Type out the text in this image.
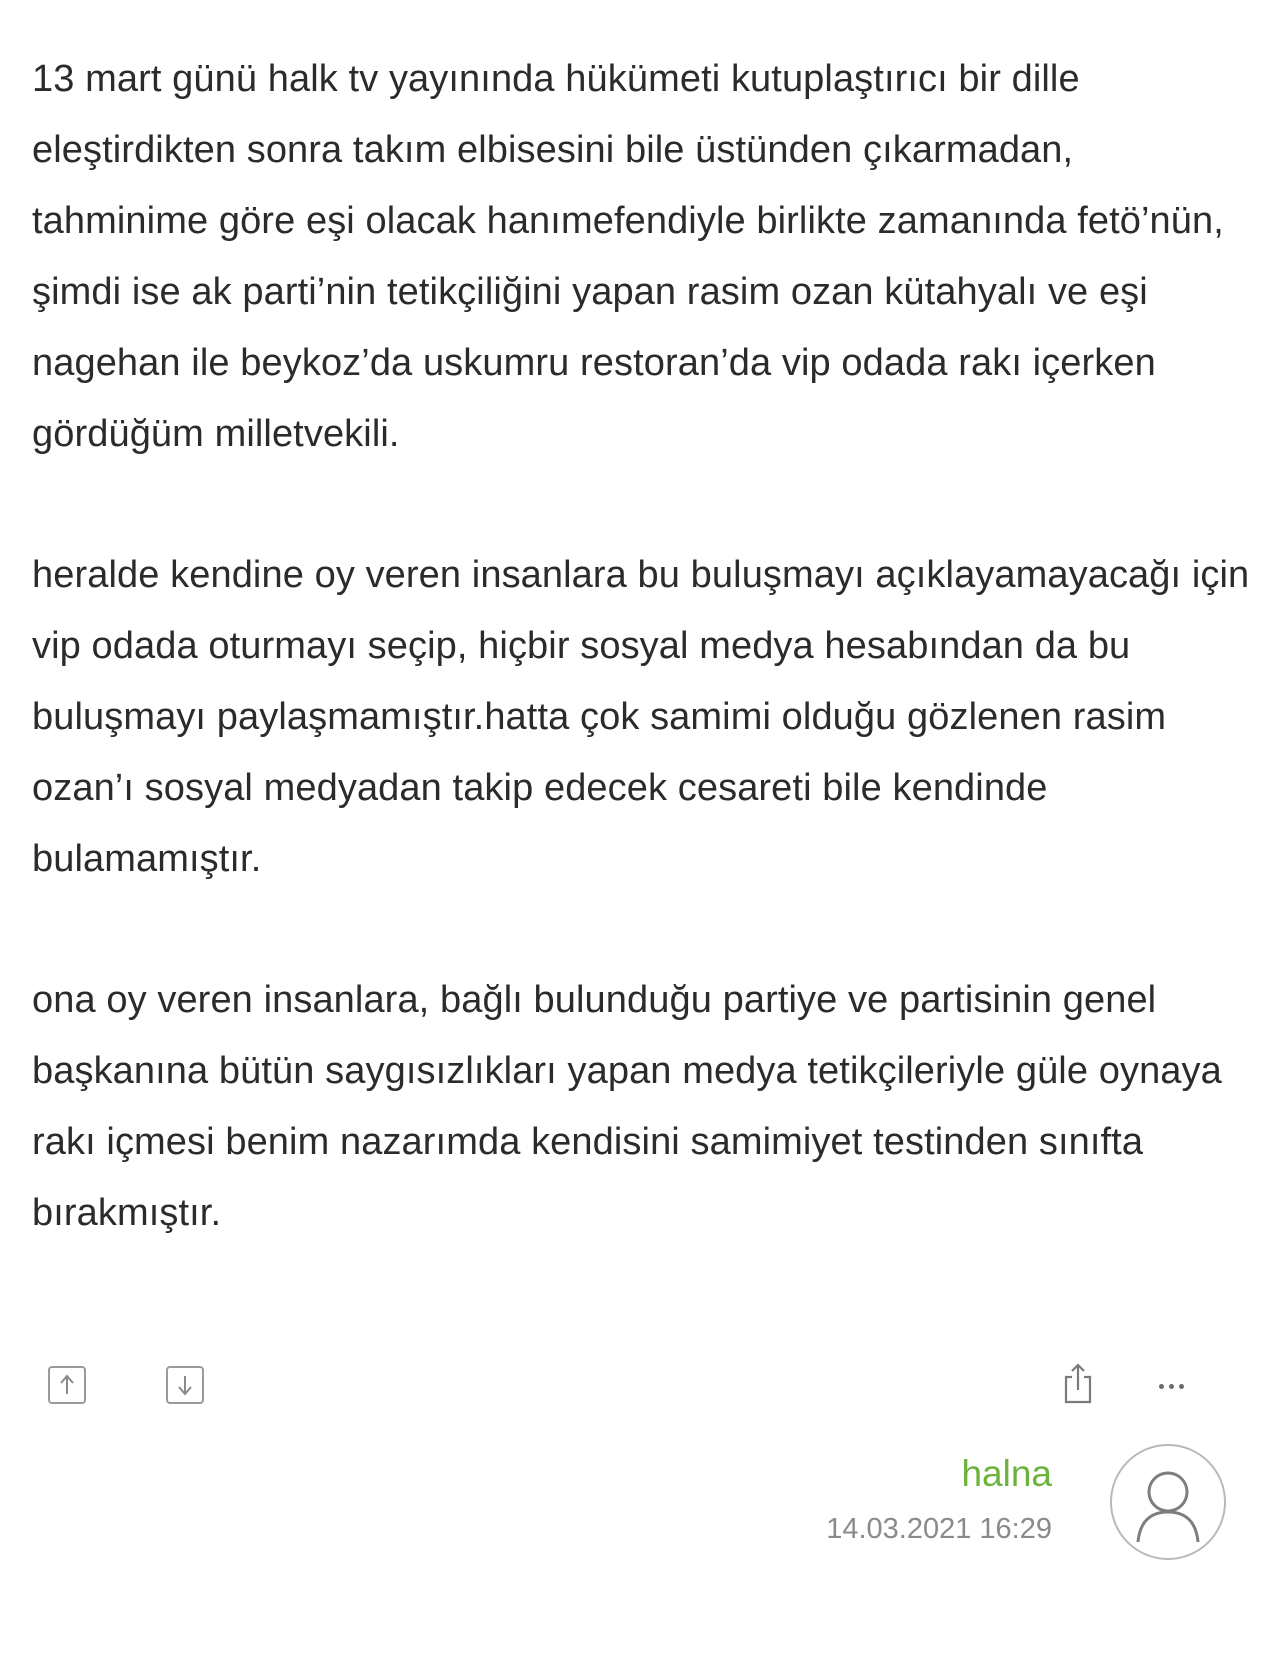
13 mart günü halk tv yayınında hükümeti kutuplaştırıcı bir dille eleştirdikten sonra takım elbisesini bile üstünden çıkarmadan, tahminime göre eşi olacak hanımefendiyle birlikte zamanında fetö’nün, şimdi ise ak parti’nin tetikçiliğini yapan rasim ozan kütahyalı ve eşi nagehan ile beykoz’da uskumru restoran’da vip odada rakı içerken gördüğüm milletvekili.

heralde kendine oy veren insanlara bu buluşmayı açıklayamayacağı için vip odada oturmayı seçip, hiçbir sosyal medya hesabından da bu buluşmayı paylaşmamıştır.hatta çok samimi olduğu gözlenen rasim ozan’ı sosyal medyadan takip edecek cesareti bile kendinde bulamamıştır.

ona oy veren insanlara, bağlı bulunduğu partiye ve partisinin genel başkanına bütün saygısızlıkları yapan medya tetikçileriyle güle oynaya rakı içmesi benim nazarımda kendisini samimiyet testinden sınıfta bırakmıştır.

halna
14.03.2021 16:29
